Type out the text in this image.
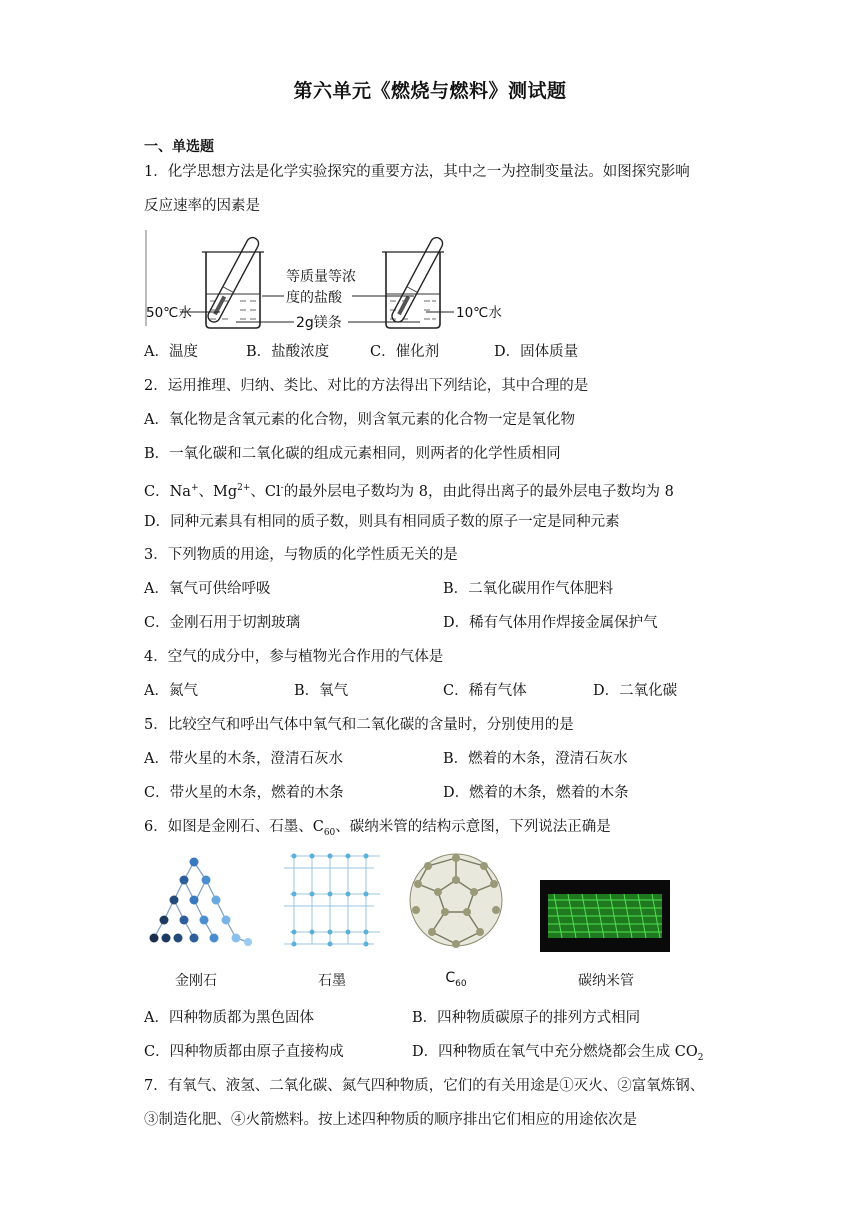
第六单元《燃烧与燃料》测试题
一、单选题
1．化学思想方法是化学实验探究的重要方法，其中之一为控制变量法。如图探究影响
反应速率的因素是
50℃水
等质量等浓
度的盐酸
2g镁条
10℃水
A．温度	B．盐酸浓度	C．催化剂	D．固体质量
2．运用推理、归纳、类比、对比的方法得出下列结论，其中合理的是
A．氧化物是含氧元素的化合物，则含氧元素的化合物一定是氧化物
B．一氧化碳和二氧化碳的组成元素相同，则两者的化学性质相同
C．Na+、$Mg^{2+}$、Cl-的最外层电子数均为 8，由此得出离子的最外层电子数均为 8
D．同种元素具有相同的质子数，则具有相同质子数的原子一定是同种元素
3．下列物质的用途，与物质的化学性质无关的是
A．氧气可供给呼吸	B．二氧化碳用作气体肥料
C．金刚石用于切割玻璃	D．稀有气体用作焊接金属保护气
4．空气的成分中，参与植物光合作用的气体是
A．氮气	B．氧气	C．稀有气体	D．二氧化碳
5．比较空气和呼出气体中氧气和二氧化碳的含量时，分别使用的是
A．带火星的木条，澄清石灰水	B．燃着的木条，澄清石灰水
C．带火星的木条，燃着的木条	D．燃着的木条，燃着的木条
6．如图是金刚石、石墨、$C_{60}$、碳纳米管的结构示意图，下列说法正确是
金刚石	石墨	$C_{60}$	碳纳米管
A．四种物质都为黑色固体	B．四种物质碳原子的排列方式相同
C．四种物质都由原子直接构成	D．四种物质在氧气中充分燃烧都会生成 $CO_2$
7．有氧气、液氢、二氧化碳、氮气四种物质，它们的有关用途是①灭火、②富氧炼钢、
③制造化肥、④火箭燃料。按上述四种物质的顺序排出它们相应的用途依次是
